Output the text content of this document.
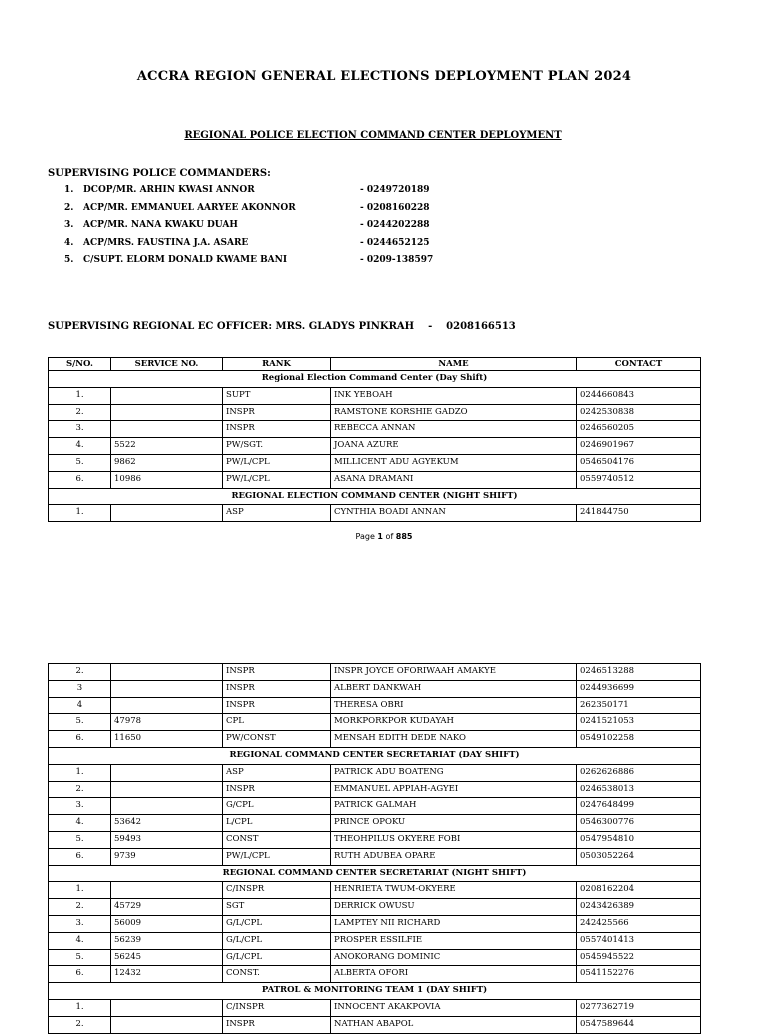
ACCRA REGION GENERAL ELECTIONS DEPLOYMENT PLAN 2024
REGIONAL POLICE ELECTION COMMAND CENTER DEPLOYMENT
SUPERVISING POLICE COMMANDERS:
1. DCOP/MR. ARHIN KWASI ANNOR	- 0249720189
2. ACP/MR. EMMANUEL AARYEE AKONNOR	- 0208160228
3. ACP/MR. NANA KWAKU DUAH	- 0244202288
4. ACP/MRS. FAUSTINA J.A. ASARE	- 0244652125
5. C/SUPT. ELORM DONALD KWAME BANI	- 0209-138597
SUPERVISING REGIONAL EC OFFICER: MRS. GLADYS PINKRAH - 0208166513
S/NO.	SERVICE NO.	RANK	NAME	CONTACT
Regional Election Command Center (Day Shift)				
1.		SUPT	INK YEBOAH	0244660843
2.		INSPR	RAMSTONE KORSHIE GADZO	0242530838
3.		INSPR	REBECCA ANNAN	0246560205
4.	5522	PW/SGT.	JOANA AZURE	0246901967
5.	9862	PW/L/CPL	MILLICENT ADU AGYEKUM	0546504176
6.	10986	PW/L/CPL	ASANA DRAMANI	0559740512
REGIONAL ELECTION COMMAND CENTER (NIGHT SHIFT)				
1.		ASP	CYNTHIA BOADI ANNAN	241844750
Page 1 of 885
2.		INSPR	INSPR JOYCE OFORIWAAH AMAKYE	0246513288
3		INSPR	ALBERT DANKWAH	0244936699
4		INSPR	THERESA OBRI	262350171
5.	47978	CPL	MORKPORKPOR KUDAYAH	0241521053
6.	11650	PW/CONST	MENSAH EDITH DEDE NAKO	0549102258
REGIONAL COMMAND CENTER SECRETARIAT (DAY SHIFT)				
1.		ASP	PATRICK ADU BOATENG	0262626886
2.		INSPR	EMMANUEL APPIAH-AGYEI	0246538013
3.		G/CPL	PATRICK GALMAH	0247648499
4.	53642	L/CPL	PRINCE OPOKU	0546300776
5.	59493	CONST	THEOHPILUS OKYERE FOBI	0547954810
6.	9739	PW/L/CPL	RUTH ADUBEA OPARE	0503052264
REGIONAL COMMAND CENTER SECRETARIAT (NIGHT SHIFT)				
1.		C/INSPR	HENRIETA TWUM-OKYERE	0208162204
2.	45729	SGT	DERRICK OWUSU	0243426389
3.	56009	G/L/CPL	LAMPTEY NII RICHARD	242425566
4.	56239	G/L/CPL	PROSPER ESSILFIE	0557401413
5.	56245	G/L/CPL	ANOKORANG DOMINIC	0545945522
6.	12432	CONST.	ALBERTA OFORI	0541152276
PATROL & MONITORING TEAM 1 (DAY SHIFT)				
1.		C/INSPR	INNOCENT AKAKPOVIA	0277362719
2.		INSPR	NATHAN ABAPOL	0547589644
